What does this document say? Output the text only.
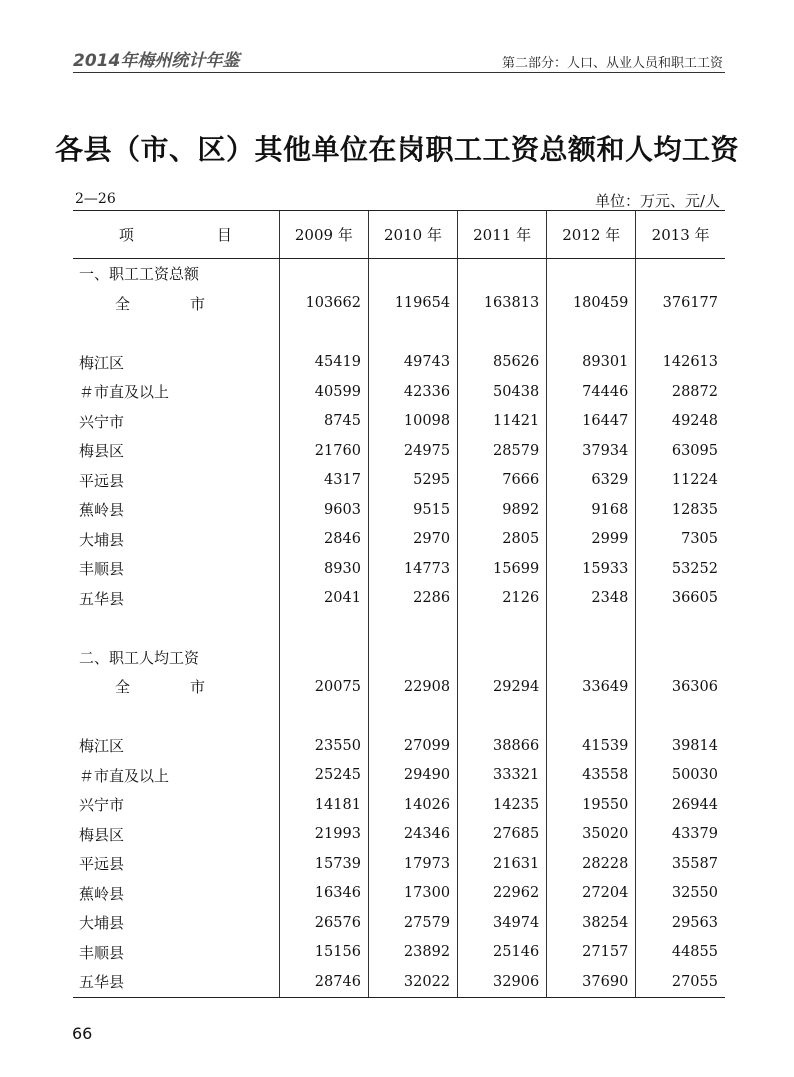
2014年梅州统计年鉴	第二部分：人口、从业人员和职工工资
各县（市、区）其他单位在岗职工工资总额和人均工资
2—26	单位：万元、元/人
项　目	2009 年	2010 年	2011 年	2012 年	2013 年
一、职工工资总额					
全市	103662	119654	163813	180459	376177

梅江区	45419	49743	85626	89301	142613
＃市直及以上	40599	42336	50438	74446	28872
兴宁市	8745	10098	11421	16447	49248
梅县区	21760	24975	28579	37934	63095
平远县	4317	5295	7666	6329	11224
蕉岭县	9603	9515	9892	9168	12835
大埔县	2846	2970	2805	2999	7305
丰顺县	8930	14773	15699	15933	53252
五华县	2041	2286	2126	2348	36605

二、职工人均工资					
全市	20075	22908	29294	33649	36306

梅江区	23550	27099	38866	41539	39814
＃市直及以上	25245	29490	33321	43558	50030
兴宁市	14181	14026	14235	19550	26944
梅县区	21993	24346	27685	35020	43379
平远县	15739	17973	21631	28228	35587
蕉岭县	16346	17300	22962	27204	32550
大埔县	26576	27579	34974	38254	29563
丰顺县	15156	23892	25146	27157	44855
五华县	28746	32022	32906	37690	27055
66
